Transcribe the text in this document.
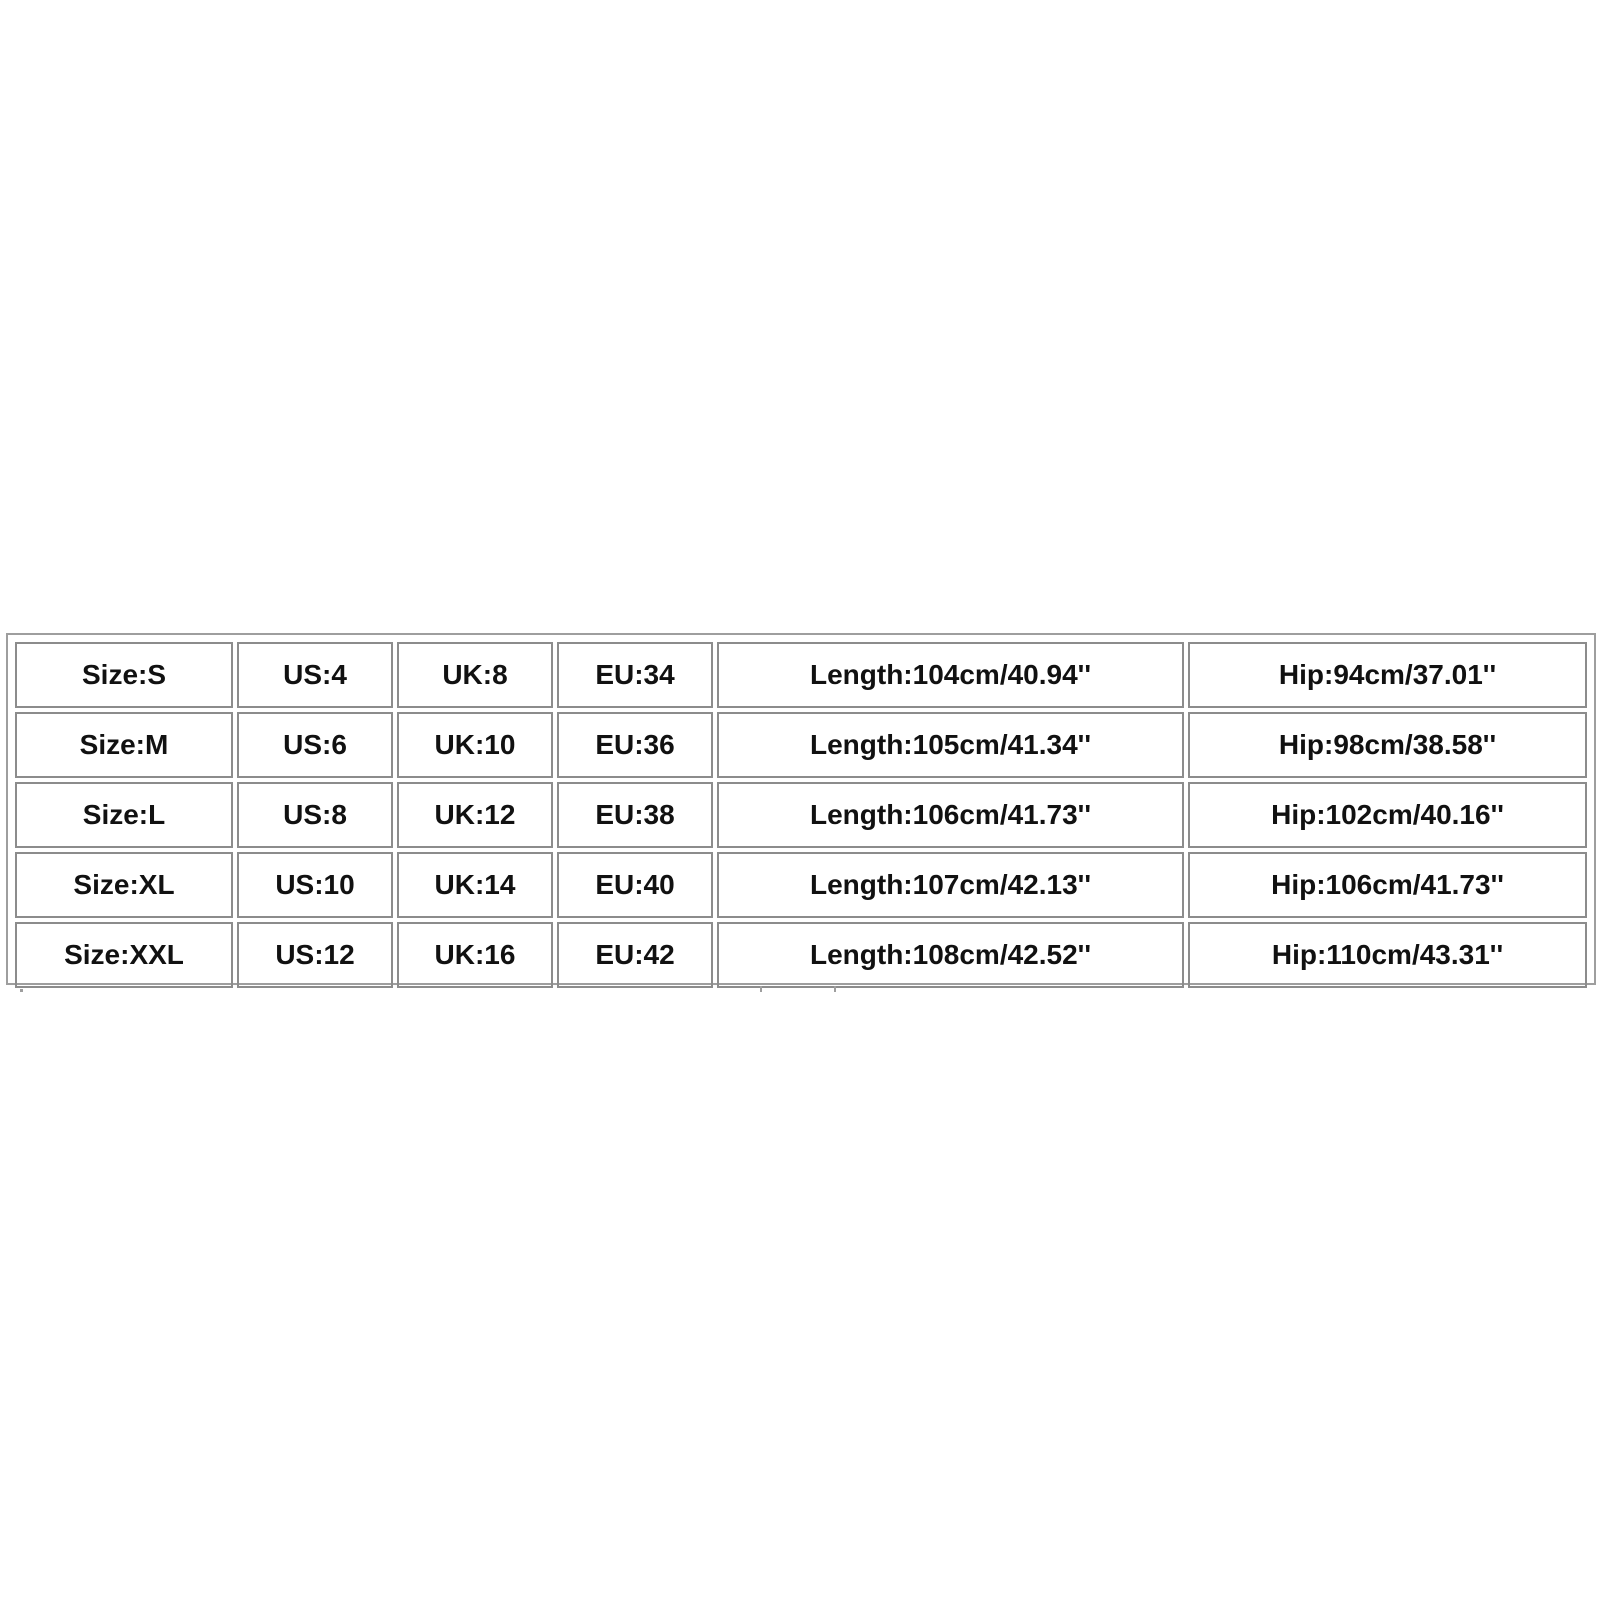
Size:S	US:4	UK:8	EU:34	Length:104cm/40.94''	Hip:94cm/37.01''
Size:M	US:6	UK:10	EU:36	Length:105cm/41.34''	Hip:98cm/38.58''
Size:L	US:8	UK:12	EU:38	Length:106cm/41.73''	Hip:102cm/40.16''
Size:XL	US:10	UK:14	EU:40	Length:107cm/42.13''	Hip:106cm/41.73''
Size:XXL	US:12	UK:16	EU:42	Length:108cm/42.52''	Hip:110cm/43.31''
